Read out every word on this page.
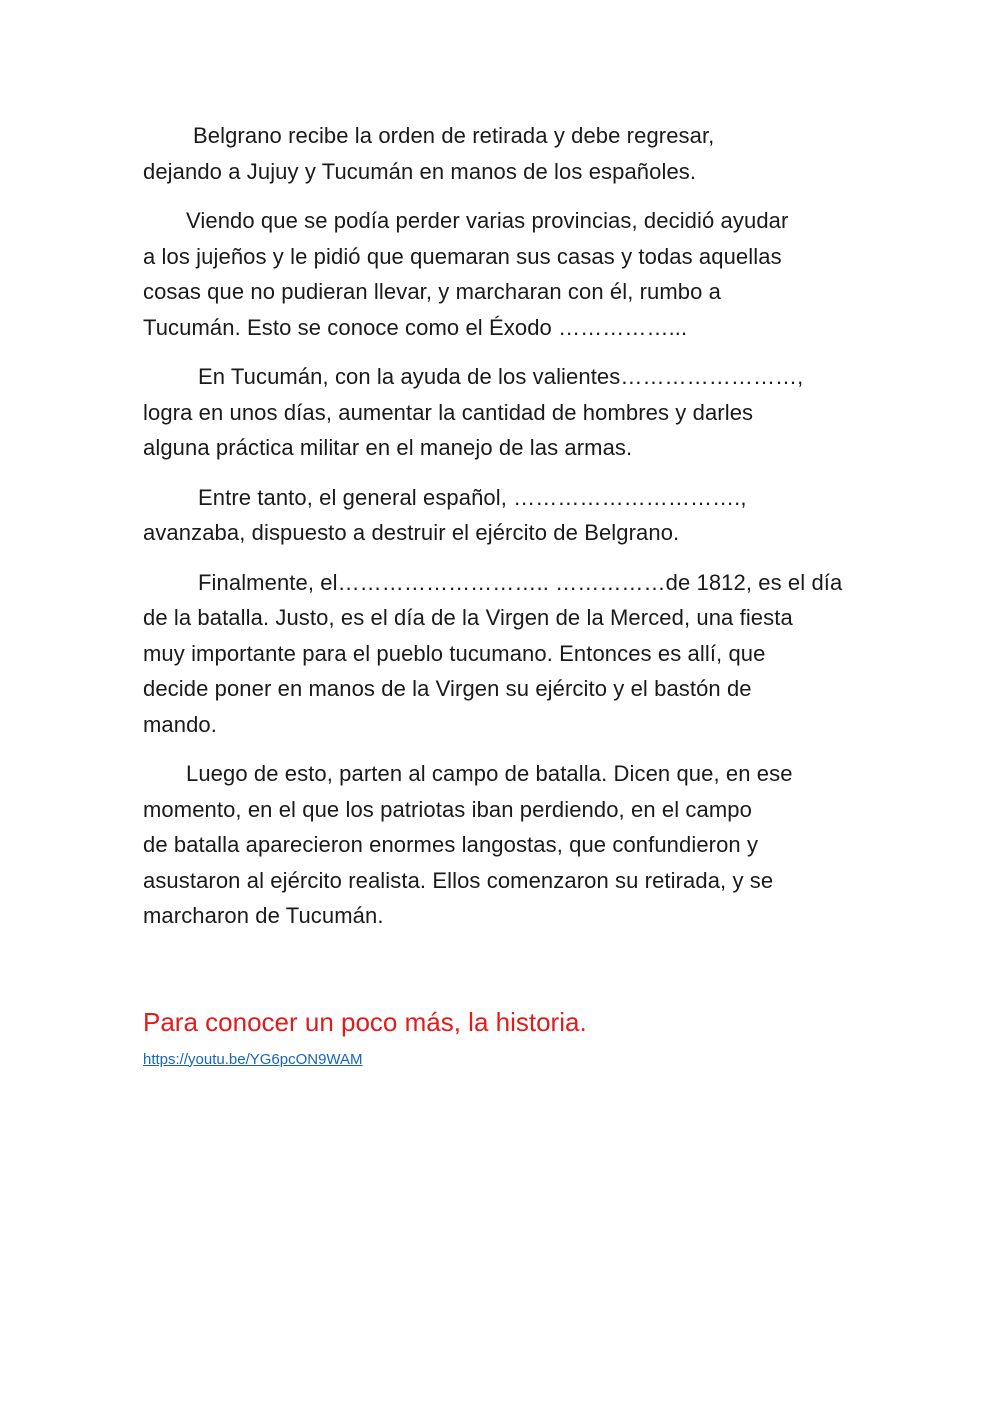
Belgrano recibe la orden de retirada y debe regresar,
dejando a Jujuy y Tucumán en manos de los españoles.

Viendo que se podía perder varias provincias, decidió ayudar
a los jujeños y le pidió que quemaran sus casas y todas aquellas
cosas que no pudieran llevar, y marcharan con él, rumbo a
Tucumán. Esto se conoce como el Éxodo ……………...

En Tucumán, con la ayuda de los valientes……………………,
logra en unos días, aumentar la cantidad de hombres y darles
alguna práctica militar en el manejo de las armas.

Entre tanto, el general español, ………………………….,
avanzaba, dispuesto a destruir el ejército de Belgrano.

Finalmente, el……………………….. ……………de 1812, es el día
de la batalla. Justo, es el día de la Virgen de la Merced, una fiesta
muy importante para el pueblo tucumano. Entonces es allí, que
decide poner en manos de la Virgen su ejército y el bastón de
mando.

Luego de esto, parten al campo de batalla. Dicen que, en ese
momento, en el que los patriotas iban perdiendo, en el campo
de batalla aparecieron enormes langostas, que confundieron y
asustaron al ejército realista. Ellos comenzaron su retirada, y se
marcharon de Tucumán.

Para conocer un poco más, la historia.
https://youtu.be/YG6pcON9WAM
